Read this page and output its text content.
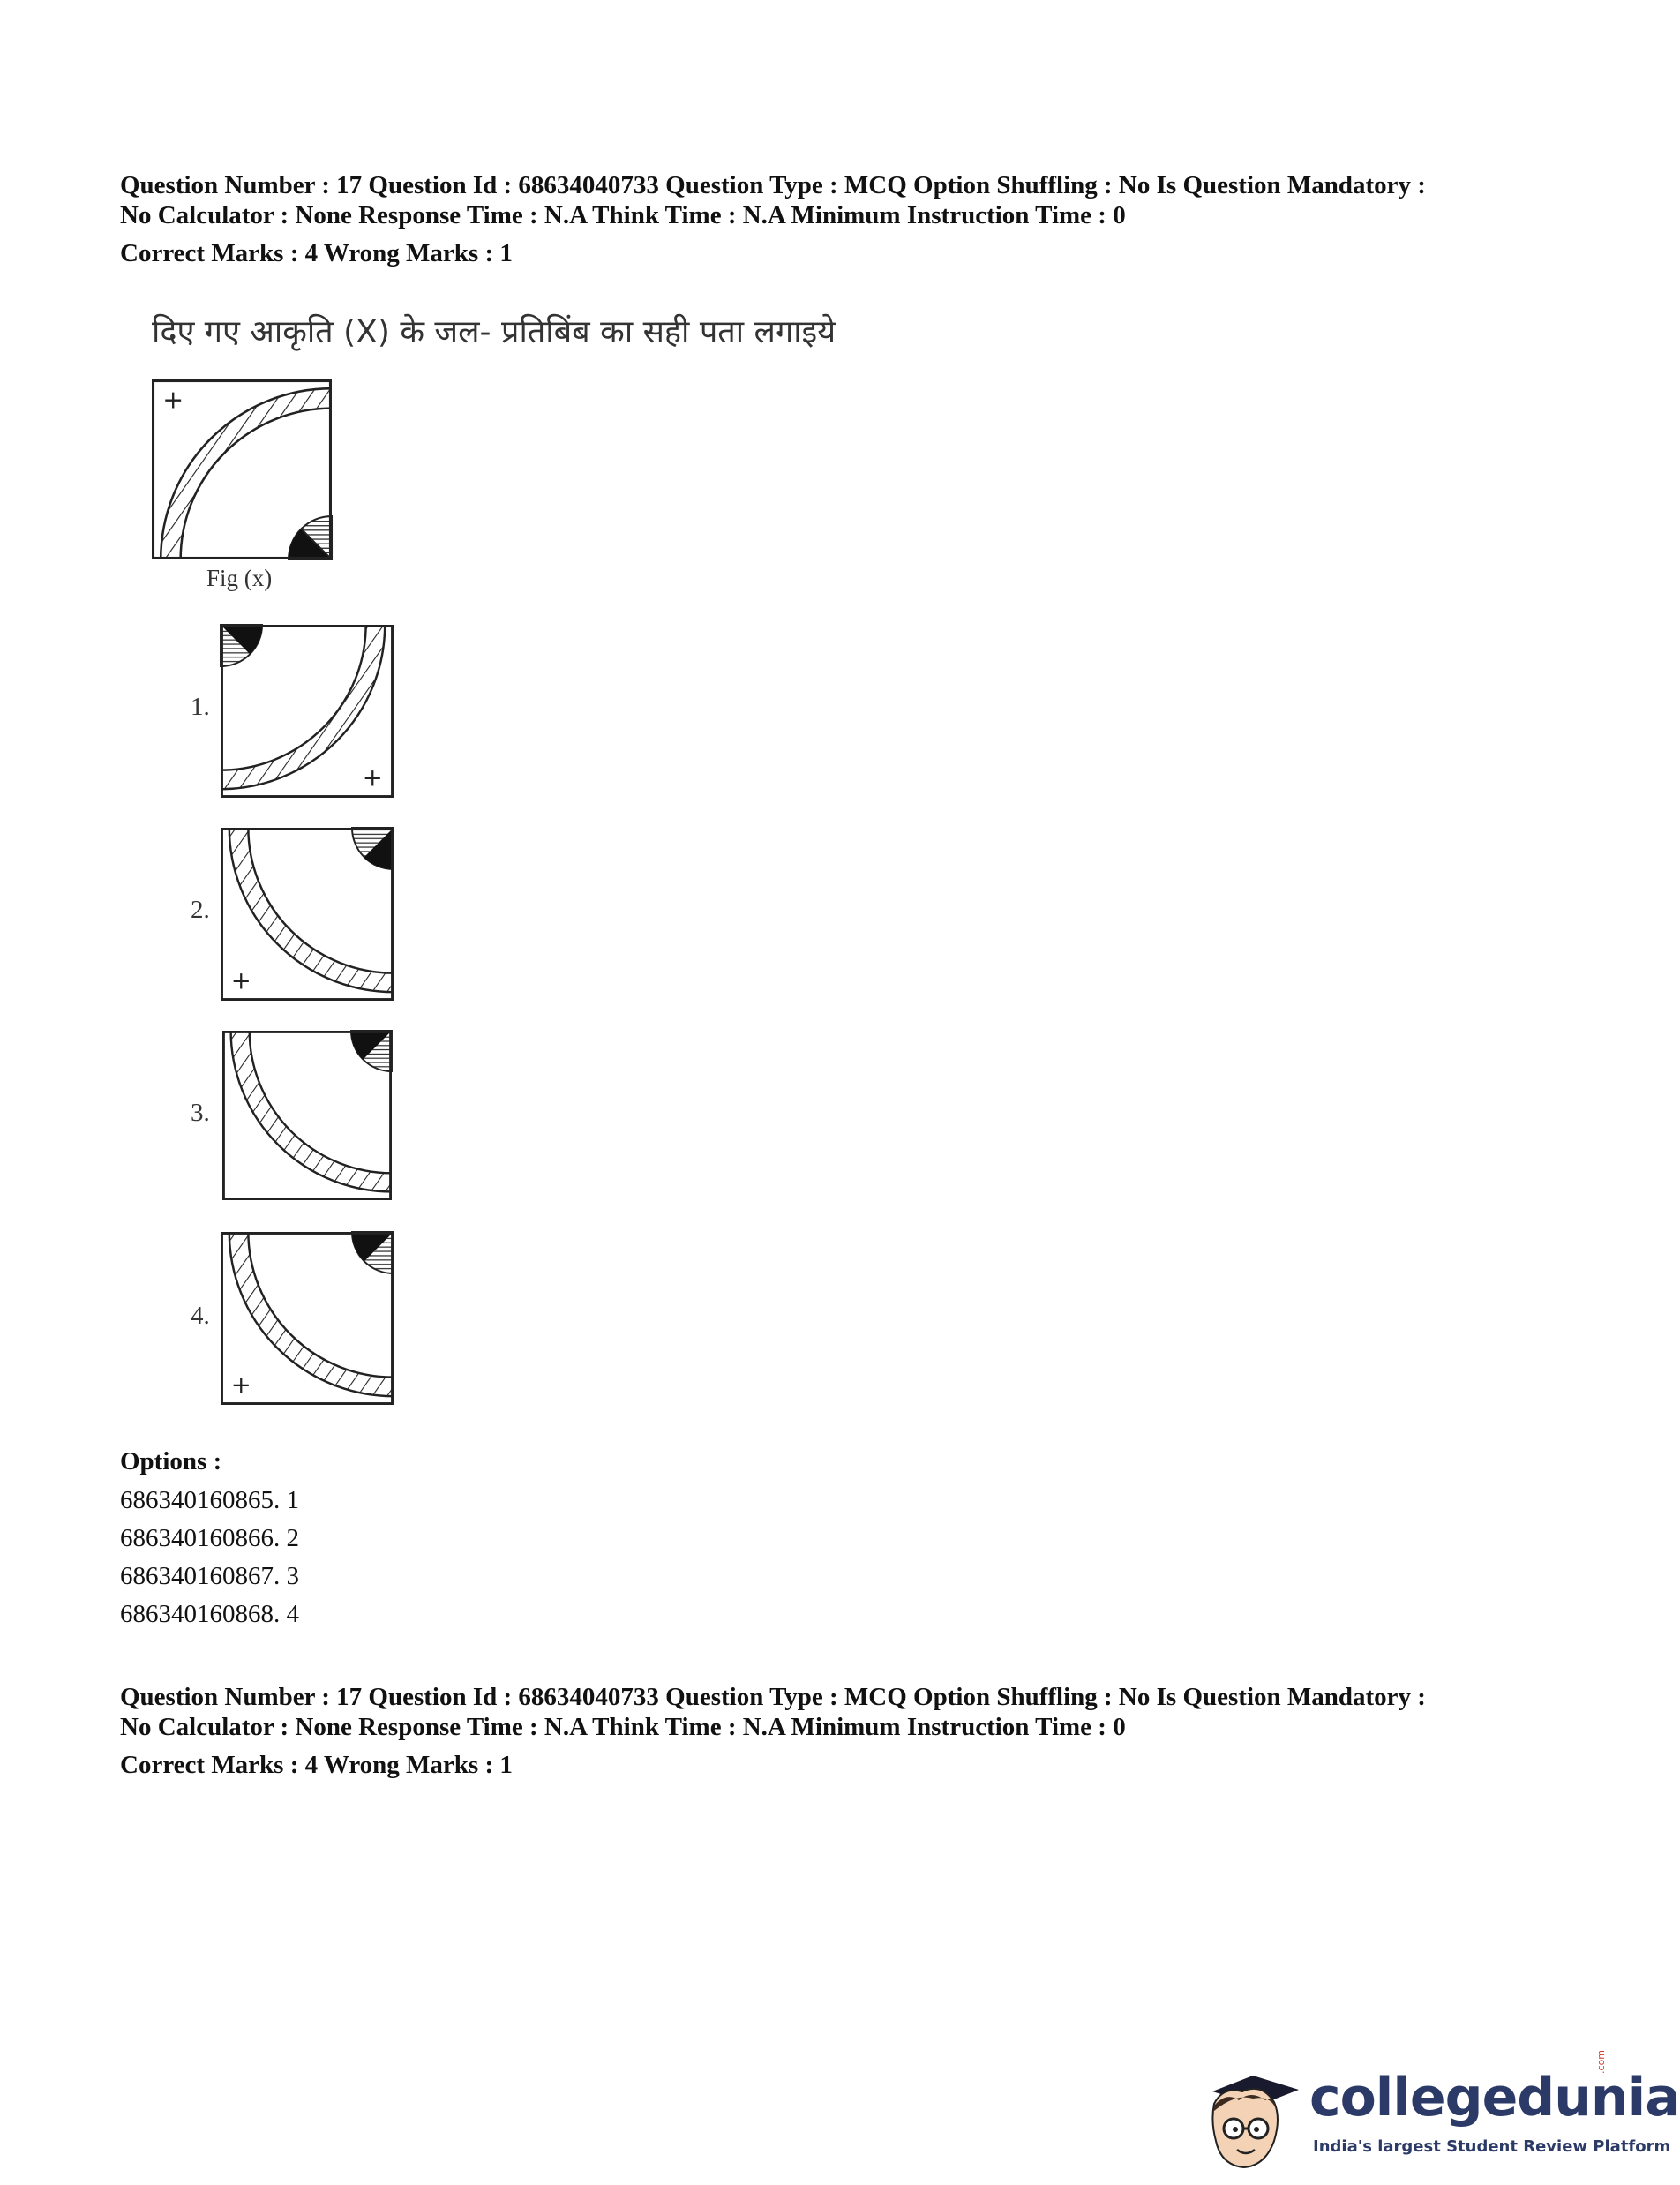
Question Number : 17 Question Id : 68634040733 Question Type : MCQ Option Shuffling : No Is Question Mandatory :
No Calculator : None Response Time : N.A Think Time : N.A Minimum Instruction Time : 0
Correct Marks : 4 Wrong Marks : 1
दिए गए आकृति (X) के जल- प्रतिबिंब का सही पता लगाइये
+
Fig (x)
1.
+
2.
+
3.
4.
+
Options :
686340160865. 1
686340160866. 2
686340160867. 3
686340160868. 4
Question Number : 17 Question Id : 68634040733 Question Type : MCQ Option Shuffling : No Is Question Mandatory :
No Calculator : None Response Time : N.A Think Time : N.A Minimum Instruction Time : 0
Correct Marks : 4 Wrong Marks : 1
collegedunia
.com
India's largest Student Review Platform
